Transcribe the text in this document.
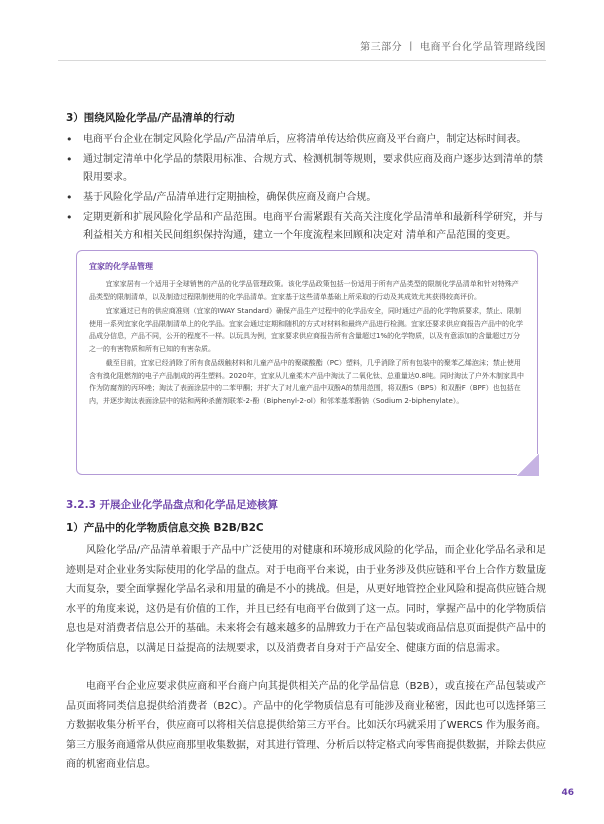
第三部分 丨 电商平台化学品管理路线图
3）围绕风险化学品/产品清单的行动
• 电商平台企业在制定风险化学品/产品清单后，应将清单传达给供应商及平台商户，制定达标时间表。
• 通过制定清单中化学品的禁限用标准、合规方式、检测机制等规则，要求供应商及商户逐步达到清单的禁限用要求。
• 基于风险化学品/产品清单进行定期抽检，确保供应商及商户合规。
• 定期更新和扩展风险化学品和产品范围。电商平台需紧跟有关高关注度化学品清单和最新科学研究，并与利益相关方和相关民间组织保持沟通，建立一个年度流程来回顾和决定对 清单和产品范围的变更。
宜家的化学品管理

宜家家居有一个适用于全球销售的产品的化学品管理政策。该化学品政策包括一份适用于所有产品类型的限制化学品清单和针对特殊产品类型的限制清单，以及制造过程限制使用的化学品清单。宜家基于这些清单基础上所采取的行动及其成效尤其获得较高评价。

宜家通过已有的供应商准则（宜家的IWAY Standard）确保产品生产过程中的化学品安全，同时通过产品的化学物质要求，禁止、限制使用一系列宜家化学品限制清单上的化学品。宜家会通过定期和随机的方式对材料和最终产品进行检测。宜家还要求供应商报告产品中的化学品成分信息，产品不同，公开的程度不一样。以玩具为例，宜家要求供应商报告所有含量超过1%的化学物质，以及有意添加的含量超过万分之一的有害物质和所有已知的有害杂质。

截至目前，宜家已经消除了所有食品级触材料和儿童产品中的聚碳酸酯（PC）塑料，几乎消除了所有包装中的聚苯乙烯泡沫；禁止使用含有溴化阻燃剂的电子产品制成的再生塑料。2020年，宜家从儿童柔木产品中淘汰了二氧化钛、总重量达0.8吨。同时淘汰了户外木制家具中作为防腐剂的丙环唑；淘汰了表面涂层中的二苯甲酮；并扩大了对儿童产品中双酚A的禁用范围，将双酚S（BPS）和双酚F（BPF）也包括在内，并逐步淘汰表面涂层中的钴和两种杀菌剂联苯-2-酚（Biphenyl-2-ol）和邻苯基苯酚钠（Sodium 2-biphenylate）。

3.2.3 开展企业化学品盘点和化学品足迹核算
1）产品中的化学物质信息交换 B2B/B2C

风险化学品/产品清单着眼于产品中广泛使用的对健康和环境形成风险的化学品，而企业化学品名录和足迹则是对企业业务实际使用的化学品的盘点。对于电商平台来说，由于业务涉及供应链和平台上合作方数量庞大而复杂，要全面掌握化学品名录和用量的确是不小的挑战。但是，从更好地管控企业风险和提高供应链合规水平的角度来说，这仍是有价值的工作，并且已经有电商平台做到了这一点。同时，掌握产品中的化学物质信息也是对消费者信息公开的基础。未来将会有越来越多的品牌致力于在产品包装或商品信息页面提供产品中的化学物质信息，以满足日益提高的法规要求，以及消费者自身对于产品安全、健康方面的信息需求。

电商平台企业应要求供应商和平台商户向其提供相关产品的化学品信息（B2B），或直接在产品包装或产品页面将同类信息提供给消费者（B2C）。产品中的化学物质信息有可能涉及商业秘密，因此也可以选择第三方数据收集分析平台，供应商可以将相关信息提供给第三方平台。比如沃尔玛就采用了WERCS 作为服务商。第三方服务商通常从供应商那里收集数据，对其进行管理、分析后以特定格式向零售商提供数据，并除去供应商的机密商业信息。

46
